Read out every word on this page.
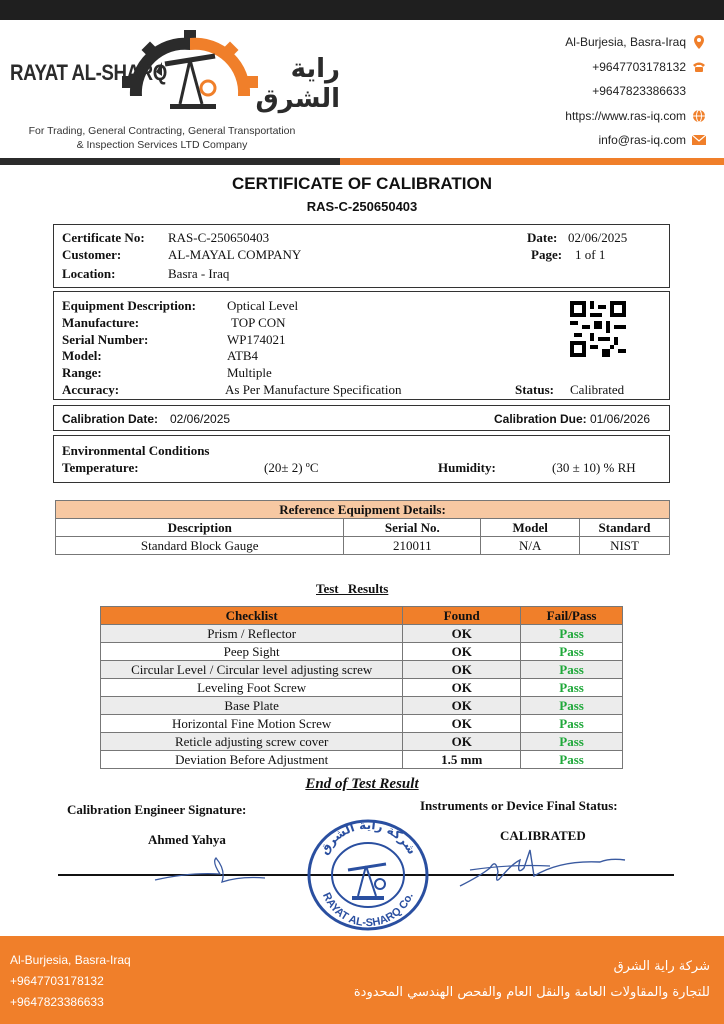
RAYAT AL-SHARQ	راية الشرق
For Trading, General Contracting, General Transportation
& Inspection Services LTD Company
Al-Burjesia, Basra-Iraq
+9647703178132
+9647823386633
https://www.ras-iq.com
info@ras-iq.com
CERTIFICATE OF CALIBRATION
RAS-C-250650403
Certificate No: RAS-C-250650403
Customer:	AL-MAYAL COMPANY
Location:	Basra - Iraq
Date: 02/06/2025
Page: 1 of 1
Equipment Description: Optical Level
Manufacture:	TOP CON
Serial Number:	WP174021
Model:	ATB4
Range:	Multiple
Accuracy:	As Per Manufacture Specification	Status: Calibrated
Calibration Date: 02/06/2025	Calibration Due: 01/06/2026
Environmental Conditions
Temperature:	(20± 2) ºC	Humidity:	(30 ± 10) % RH
Reference Equipment Details:			
Description	Serial No.	Model	Standard
Standard Block Gauge	210011	N/A	NIST
Test Results
Checklist	Found	Fail/Pass
Prism / Reflector	OK	Pass
Peep Sight	OK	Pass
Circular Level / Circular level adjusting screw	OK	Pass
Leveling Foot Screw	OK	Pass
Base Plate	OK	Pass
Horizontal Fine Motion Screw	OK	Pass
Reticle adjusting screw cover	OK	Pass
Deviation Before Adjustment	1.5 mm	Pass
End of Test Result
Calibration Engineer Signature:
Ahmed Yahya
Instruments or Device Final Status:
CALIBRATED
شركة راية الشرق
RAYAT AL-SHARQ Co.
Al-Burjesia, Basra-Iraq
+9647703178132
+9647823386633
شركة راية الشرق
للتجارة والمقاولات العامة والنقل العام والفحص الهندسي المحدودة
